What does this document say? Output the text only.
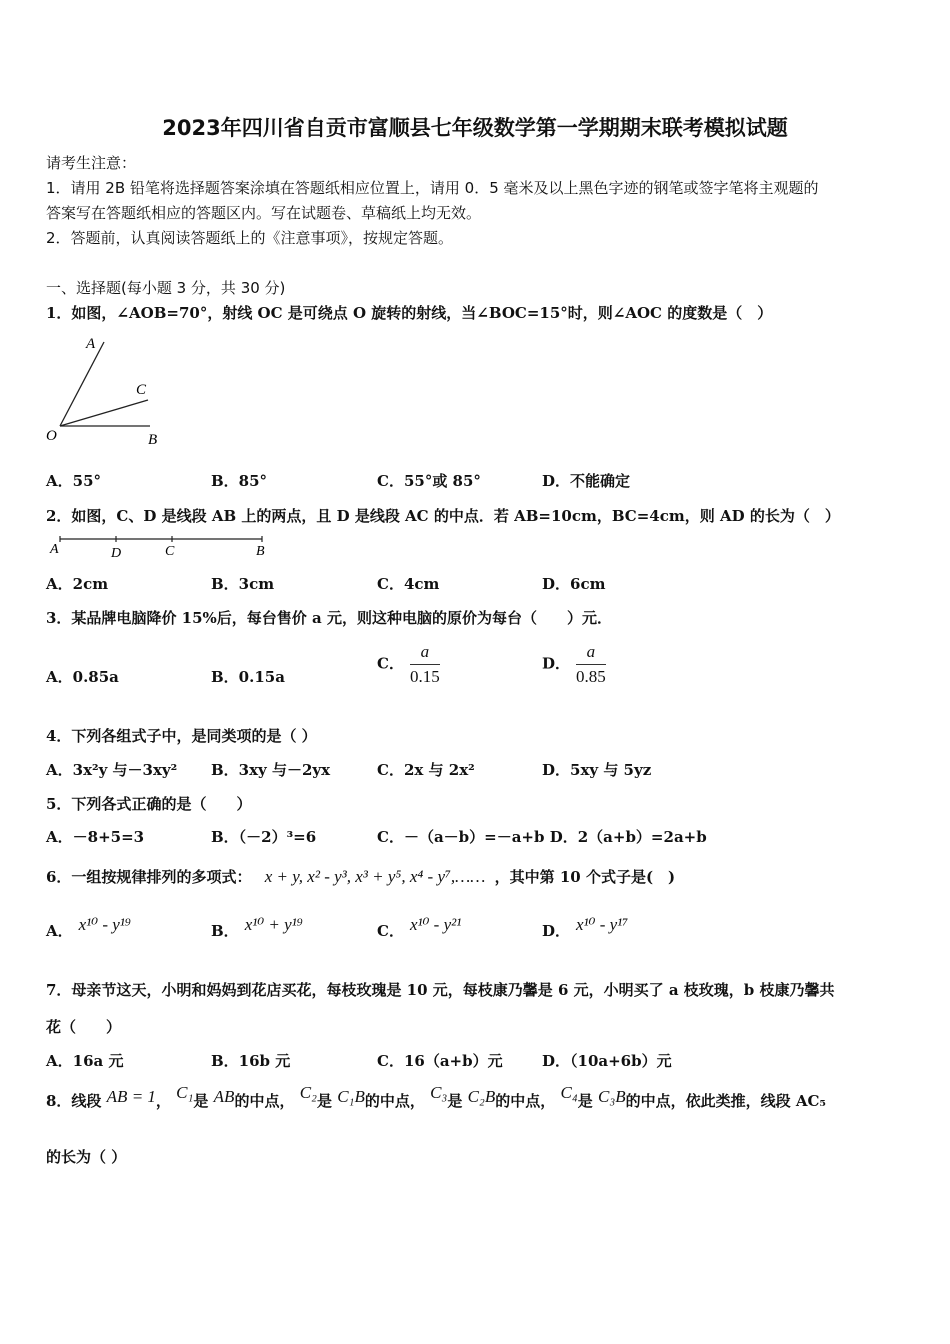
2023年四川省自贡市富顺县七年级数学第一学期期末联考模拟试题
请考生注意：
1．请用 2B 铅笔将选择题答案涂填在答题纸相应位置上，请用 0．5 毫米及以上黑色字迹的钢笔或签字笔将主观题的
答案写在答题纸相应的答题区内。写在试题卷、草稿纸上均无效。
2．答题前，认真阅读答题纸上的《注意事项》，按规定答题。
一、选择题(每小题 3 分，共 30 分)
1．如图，∠AOB=70°，射线 OC 是可绕点 O 旋转的射线，当∠BOC=15°时，则∠AOC 的度数是（　）
A
C
O	B
A．55°	B．85°	C．55°或 85°	D．不能确定
2．如图，C、D 是线段 AB 上的两点，且 D 是线段 AC 的中点．若 AB=10cm，BC=4cm，则 AD 的长为（　）
A	D	C	B
A．2cm	B．3cm	C．4cm	D．6cm
3．某品牌电脑降价 15%后，每台售价 a 元，则这种电脑的原价为每台（　　）元．
A．0.85a	B．0.15a
C． $\frac{a}{0.15}$	D． $\frac{a}{0.85}$
4．下列各组式子中，是同类项的是（ ）
A．3x²y 与－3xy² B．3xy 与－2yx	C．2x 与 2x²	D．5xy 与 5yz
5．下列各式正确的是（　　）
A．－8+5=3	B．（－2）³=6	C．－（a－b）=－a+b D．2（a+b）=2a+b
6．一组按规律排列的多项式： x + y, x² - y³, x³ + y⁵, x⁴ - y⁷,…… ，其中第 10 个式子是(　)
A． x¹⁰ - y¹⁹	B． x¹⁰ + y¹⁹	C． x¹⁰ - y²¹	D． x¹⁰ - y¹⁷
7．母亲节这天，小明和妈妈到花店买花，每枝玫瑰是 10 元，每枝康乃馨是 6 元，小明买了 a 枝玫瑰，b 枝康乃馨共
花（　　）
A．16a 元	B．16b 元	C．16（a+b）元	D．（10a+6b）元
8．线段 AB = 1， C₁是 AB的中点， C₂是 C₁B的中点， C₃是 C₂B的中点， C₄是 C₃B的中点，依此类推，线段 AC₅
的长为（ ）
